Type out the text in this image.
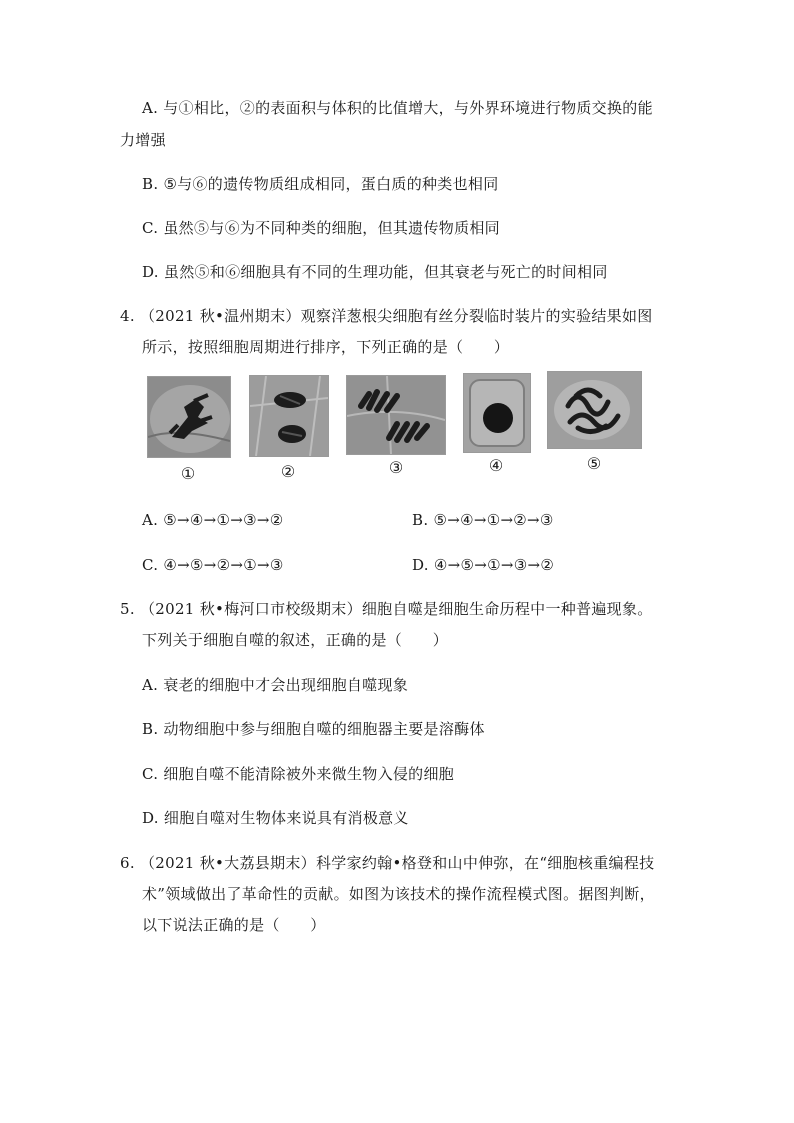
A. 与①相比，②的表面积与体积的比值增大，与外界环境进行物质交换的能
力增强
B. ⑤与⑥的遗传物质组成相同，蛋白质的种类也相同
C. 虽然⑤与⑥为不同种类的细胞，但其遗传物质相同
D. 虽然⑤和⑥细胞具有不同的生理功能，但其衰老与死亡的时间相同
4. （2021 秋•温州期末）观察洋葱根尖细胞有丝分裂临时装片的实验结果如图
所示，按照细胞周期进行排序，下列正确的是（　　）
①	②	③	④	⑤
A. ⑤→④→①→③→②	B. ⑤→④→①→②→③
C. ④→⑤→②→①→③	D. ④→⑤→①→③→②
5. （2021 秋•梅河口市校级期末）细胞自噬是细胞生命历程中一种普遍现象。
下列关于细胞自噬的叙述，正确的是（　　）
A. 衰老的细胞中才会出现细胞自噬现象
B. 动物细胞中参与细胞自噬的细胞器主要是溶酶体
C. 细胞自噬不能清除被外来微生物入侵的细胞
D. 细胞自噬对生物体来说具有消极意义
6. （2021 秋•大荔县期末）科学家约翰•格登和山中伸弥，在“细胞核重编程技
术”领域做出了革命性的贡献。如图为该技术的操作流程模式图。据图判断，
以下说法正确的是（　　）
